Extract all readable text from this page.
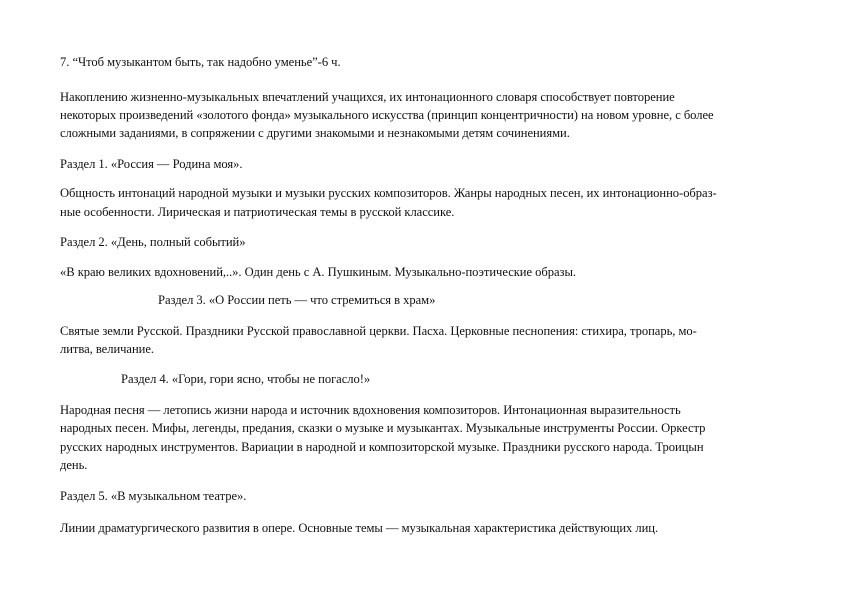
7. “Чтоб музыкантом быть, так надобно уменье”-6 ч.
Накоплению жизненно-музыкальных впечатлений учащихся, их интонационного словаря способствует повторение
некоторых произведений «золотого фонда» музыкального искусства (принцип концентричности) на новом уровне, с более
сложными заданиями, в сопряжении с другими знакомыми и незнакомыми детям сочинениями.
Раздел 1. «Россия — Родина моя».
Общность интонаций народной музыки и музыки русских композиторов. Жанры народных песен, их интонационно-образ-
ные особенности. Лирическая и патриотическая темы в русской классике.
Раздел 2. «День, полный событий»
«В краю великих вдохновений,..». Один день с А. Пушкиным. Музыкально-поэтические образы.
Раздел 3. «О России петь — что стремиться в храм»
Святые земли Русской. Праздники Русской православной церкви. Пасха. Церковные песнопения: стихира, тропарь, мо-
литва, величание.
Раздел 4. «Гори, гори ясно, чтобы не погасло!»
Народная песня — летопись жизни народа и источник вдохновения композиторов. Интонационная выразительность
народных песен. Мифы, легенды, предания, сказки о музыке и музыкантах. Музыкальные инструменты России. Оркестр
русских народных инструментов. Вариации в народной и композиторской музыке. Праздники русского народа. Троицын
день.
Раздел 5. «В музыкальном театре».
Линии драматургического развития в опере. Основные темы — музыкальная характеристика действующих лиц.
